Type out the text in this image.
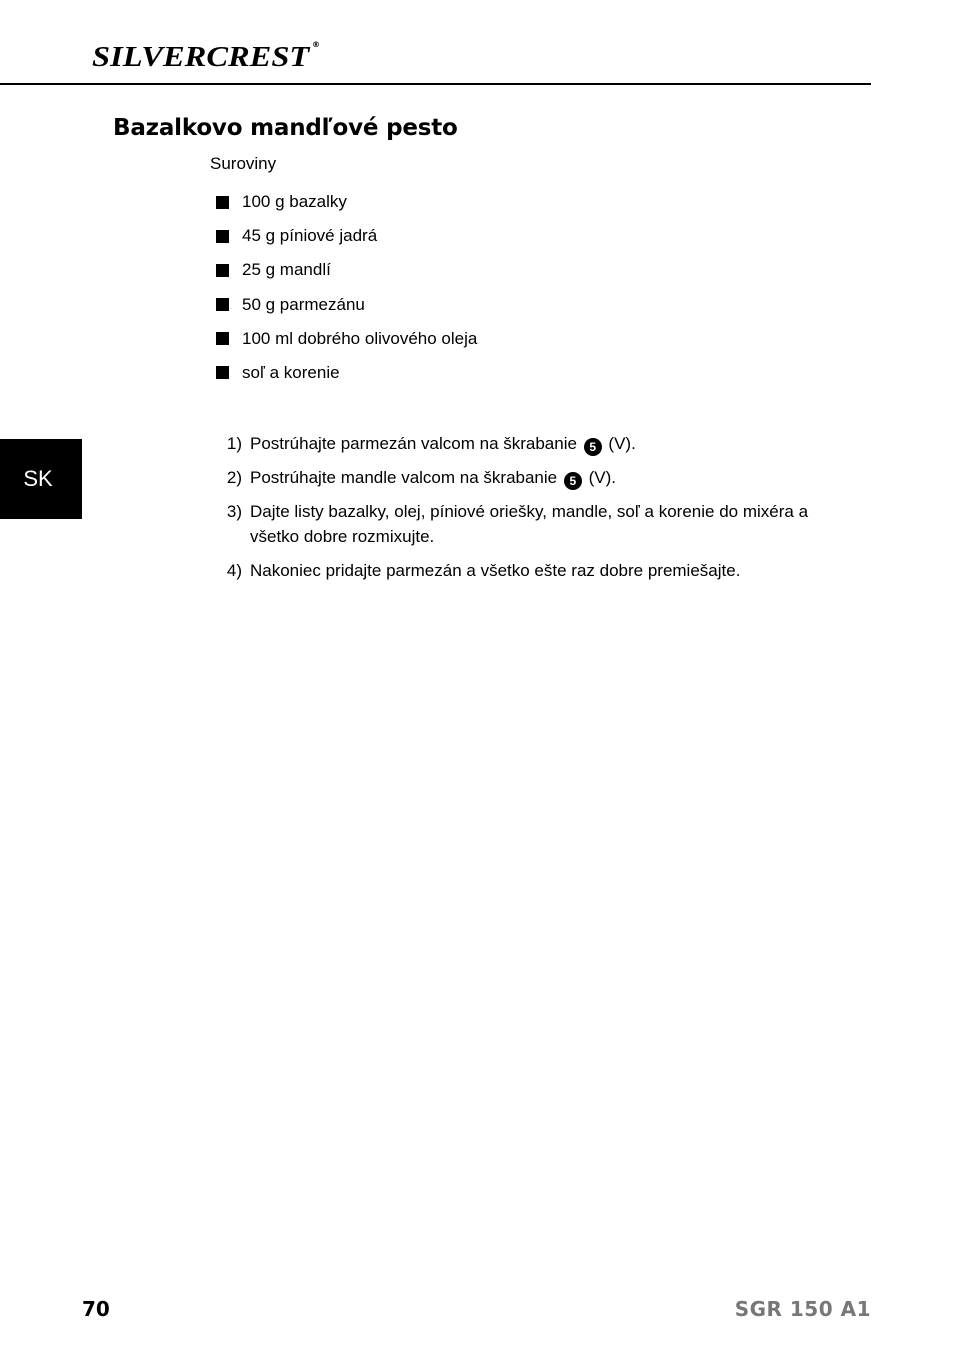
SILVERCREST ®
Bazalkovo mandľové pesto
Suroviny
100 g bazalky
45 g píniové jadrá
25 g mandlí
50 g parmezánu
100 ml dobrého olivového oleja
soľ a korenie
SK
1) Postrúhajte parmezán valcom na škrabanie 5 (V).
2) Postrúhajte mandle valcom na škrabanie 5 (V).
3) Dajte listy bazalky, olej, píniové oriešky, mandle, soľ a korenie do mixéra a všetko dobre rozmixujte.
4) Nakoniec pridajte parmezán a všetko ešte raz dobre premiešajte.
70	SGR 150 A1
